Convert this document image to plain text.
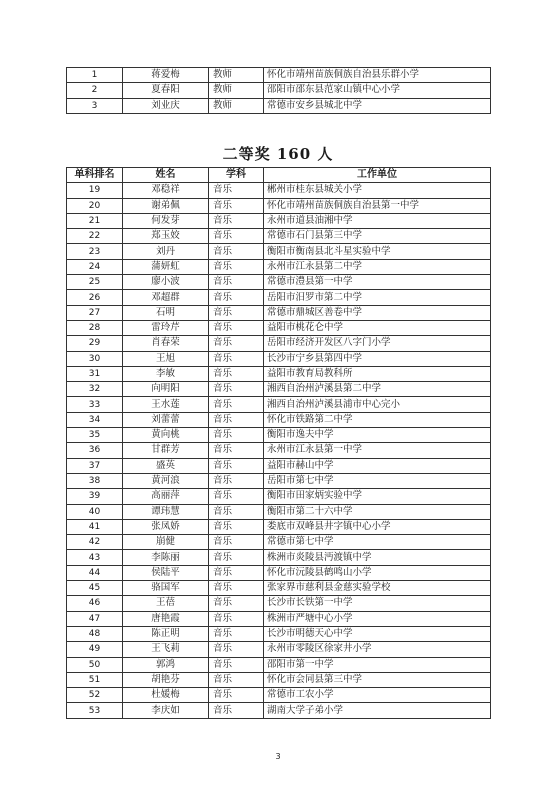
1	蒋爱梅	教师	怀化市靖州苗族侗族自治县乐群小学
2	夏春阳	教师	邵阳市邵东县范家山镇中心小学
3	刘业庆	教师	常德市安乡县城北中学
二等奖 160 人
单科排名	姓名	学科	工作单位
19	邓稳祥	音乐	郴州市桂东县城关小学
20	谢弟佩	音乐	怀化市靖州苗族侗族自治县第一中学
21	何发芽	音乐	永州市道县油湘中学
22	郑玉姣	音乐	常德市石门县第三中学
23	刘丹	音乐	衡阳市衡南县北斗星实验中学
24	蒲妍虹	音乐	永州市江永县第二中学
25	廖小波	音乐	常德市澧县第一中学
26	邓超群	音乐	岳阳市汨罗市第二中学
27	石明	音乐	常德市鼎城区善卷中学
28	雷玲芹	音乐	益阳市桃花仑中学
29	肖春荣	音乐	岳阳市经济开发区八字门小学
30	王旭	音乐	长沙市宁乡县第四中学
31	李敏	音乐	益阳市教育局教科所
32	向明阳	音乐	湘西自治州泸溪县第二中学
33	王水莲	音乐	湘西自治州泸溪县浦市中心完小
34	刘蕾蕾	音乐	怀化市铁路第二中学
35	黄向桃	音乐	衡阳市逸夫中学
36	甘群芳	音乐	永州市江永县第一中学
37	盛英	音乐	益阳市赫山中学
38	黄河浪	音乐	岳阳市第七中学
39	高丽萍	音乐	衡阳市田家炳实验中学
40	谭玮慧	音乐	衡阳市第二十六中学
41	张凤娇	音乐	娄底市双峰县井字镇中心小学
42	崩健	音乐	常德市第七中学
43	李陈丽	音乐	株洲市炎陵县沔渡镇中学
44	侯陆平	音乐	怀化市沅陵县鹤鸣山小学
45	骆国军	音乐	张家界市慈利县金慈实验学校
46	王蓓	音乐	长沙市长铁第一中学
47	唐艳霞	音乐	株洲市严塘中心小学
48	陈正明	音乐	长沙市明德天心中学
49	王飞莉	音乐	永州市零陵区徐家井小学
50	郭鸿	音乐	邵阳市第一中学
51	胡艳芬	音乐	怀化市会同县第三中学
52	杜媛梅	音乐	常德市工农小学
53	李庆如	音乐	湖南大学子弟小学
3
